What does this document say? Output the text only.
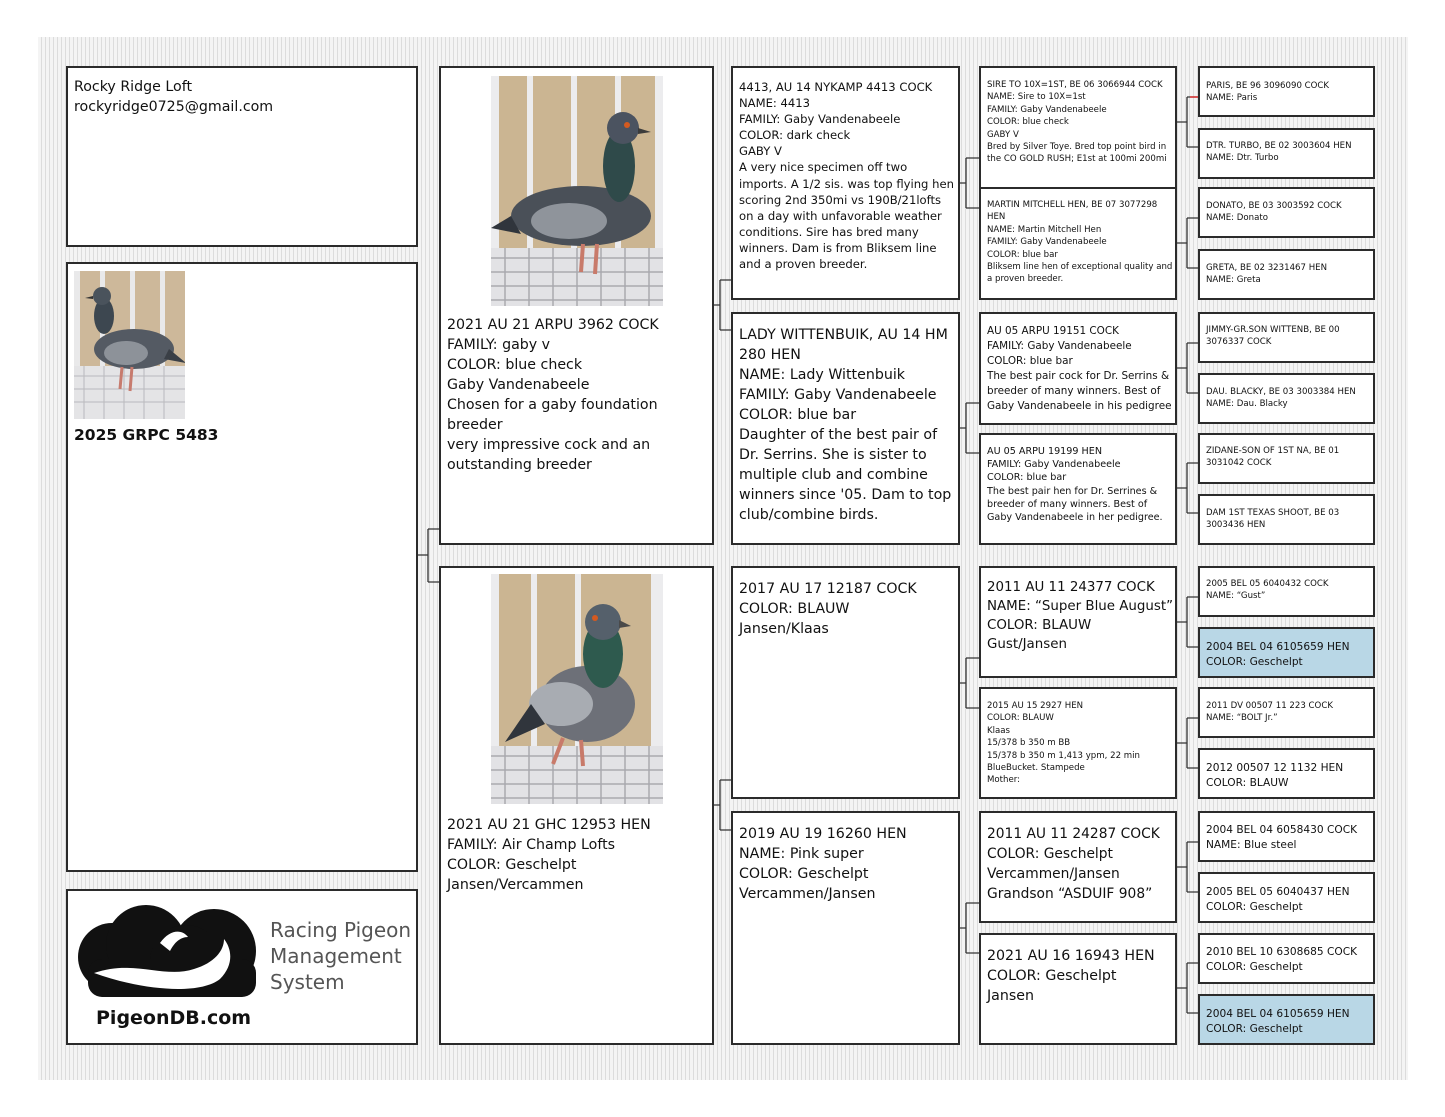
Rocky Ridge Loft
rockyridge0725@gmail.com
2025 GRPC 5483
Racing Pigeon
Management
System
PigeonDB.com
2021 AU 21 ARPU 3962 COCK
FAMILY: gaby v
COLOR: blue check
Gaby Vandenabeele
Chosen for a gaby foundation breeder
very impressive cock and an outstanding breeder
2021 AU 21 GHC 12953 HEN
FAMILY: Air Champ Lofts
COLOR: Geschelpt
Jansen/Vercammen
4413, AU 14 NYKAMP 4413 COCK
NAME: 4413
FAMILY: Gaby Vandenabeele
COLOR: dark check
GABY V
A very nice specimen off two imports. A 1/2 sis. was top flying hen scoring 2nd 350mi vs 190B/21lofts on a day with unfavorable weather conditions. Sire has bred many winners. Dam is from Bliksem line and a proven breeder.
LADY WITTENBUIK, AU 14 HM 280 HEN
NAME: Lady Wittenbuik
FAMILY: Gaby Vandenabeele
COLOR: blue bar
Daughter of the best pair of Dr. Serrins. She is sister to multiple club and combine winners since '05. Dam to top club/combine birds.
2017 AU 17 12187 COCK
COLOR: BLAUW
Jansen/Klaas
2019 AU 19 16260 HEN
NAME: Pink super
COLOR: Geschelpt
Vercammen/Jansen
SIRE TO 10X=1ST, BE 06 3066944 COCK
NAME: Sire to 10X=1st
FAMILY: Gaby Vandenabeele
COLOR: blue check
GABY V
Bred by Silver Toye. Bred top point bird in the CO GOLD RUSH; E1st at 100mi 200mi
MARTIN MITCHELL HEN, BE 07 3077298 HEN
NAME: Martin Mitchell Hen
FAMILY: Gaby Vandenabeele
COLOR: blue bar
Bliksem line hen of exceptional quality and a proven breeder.
AU 05 ARPU 19151 COCK
FAMILY: Gaby Vandenabeele
COLOR: blue bar
The best pair cock for Dr. Serrins & breeder of many winners. Best of Gaby Vandenabeele in his pedigree
AU 05 ARPU 19199 HEN
FAMILY: Gaby Vandenabeele
COLOR: blue bar
The best pair hen for Dr. Serrines & breeder of many winners. Best of Gaby Vandenabeele in her pedigree.
2011 AU 11 24377 COCK
NAME: “Super Blue August”
COLOR: BLAUW
Gust/Jansen
2015 AU 15 2927 HEN
COLOR: BLAUW
Klaas
15/378 b 350 m BB
15/378 b 350 m 1,413 ypm, 22 min
BlueBucket. Stampede
Mother:
2011 AU 11 24287 COCK
COLOR: Geschelpt
Vercammen/Jansen
Grandson “ASDUIF 908”
2021 AU 16 16943 HEN
COLOR: Geschelpt
Jansen
PARIS, BE 96 3096090 COCK
NAME: Paris
DTR. TURBO, BE 02 3003604 HEN
NAME: Dtr. Turbo
DONATO, BE 03 3003592 COCK
NAME: Donato
GRETA, BE 02 3231467 HEN
NAME: Greta
JIMMY-GR.SON WITTENB, BE 00 3076337 COCK
DAU. BLACKY, BE 03 3003384 HEN
NAME: Dau. Blacky
ZIDANE-SON OF 1ST NA, BE 01 3031042 COCK
DAM 1ST TEXAS SHOOT, BE 03 3003436 HEN
2005 BEL 05 6040432 COCK
NAME: “Gust”
2004 BEL 04 6105659 HEN
COLOR: Geschelpt
2011 DV 00507 11 223 COCK
NAME: “BOLT Jr.”
2012 00507 12 1132 HEN
COLOR: BLAUW
2004 BEL 04 6058430 COCK
NAME: Blue steel
2005 BEL 05 6040437 HEN
COLOR: Geschelpt
2010 BEL 10 6308685 COCK
COLOR: Geschelpt
2004 BEL 04 6105659 HEN
COLOR: Geschelpt
